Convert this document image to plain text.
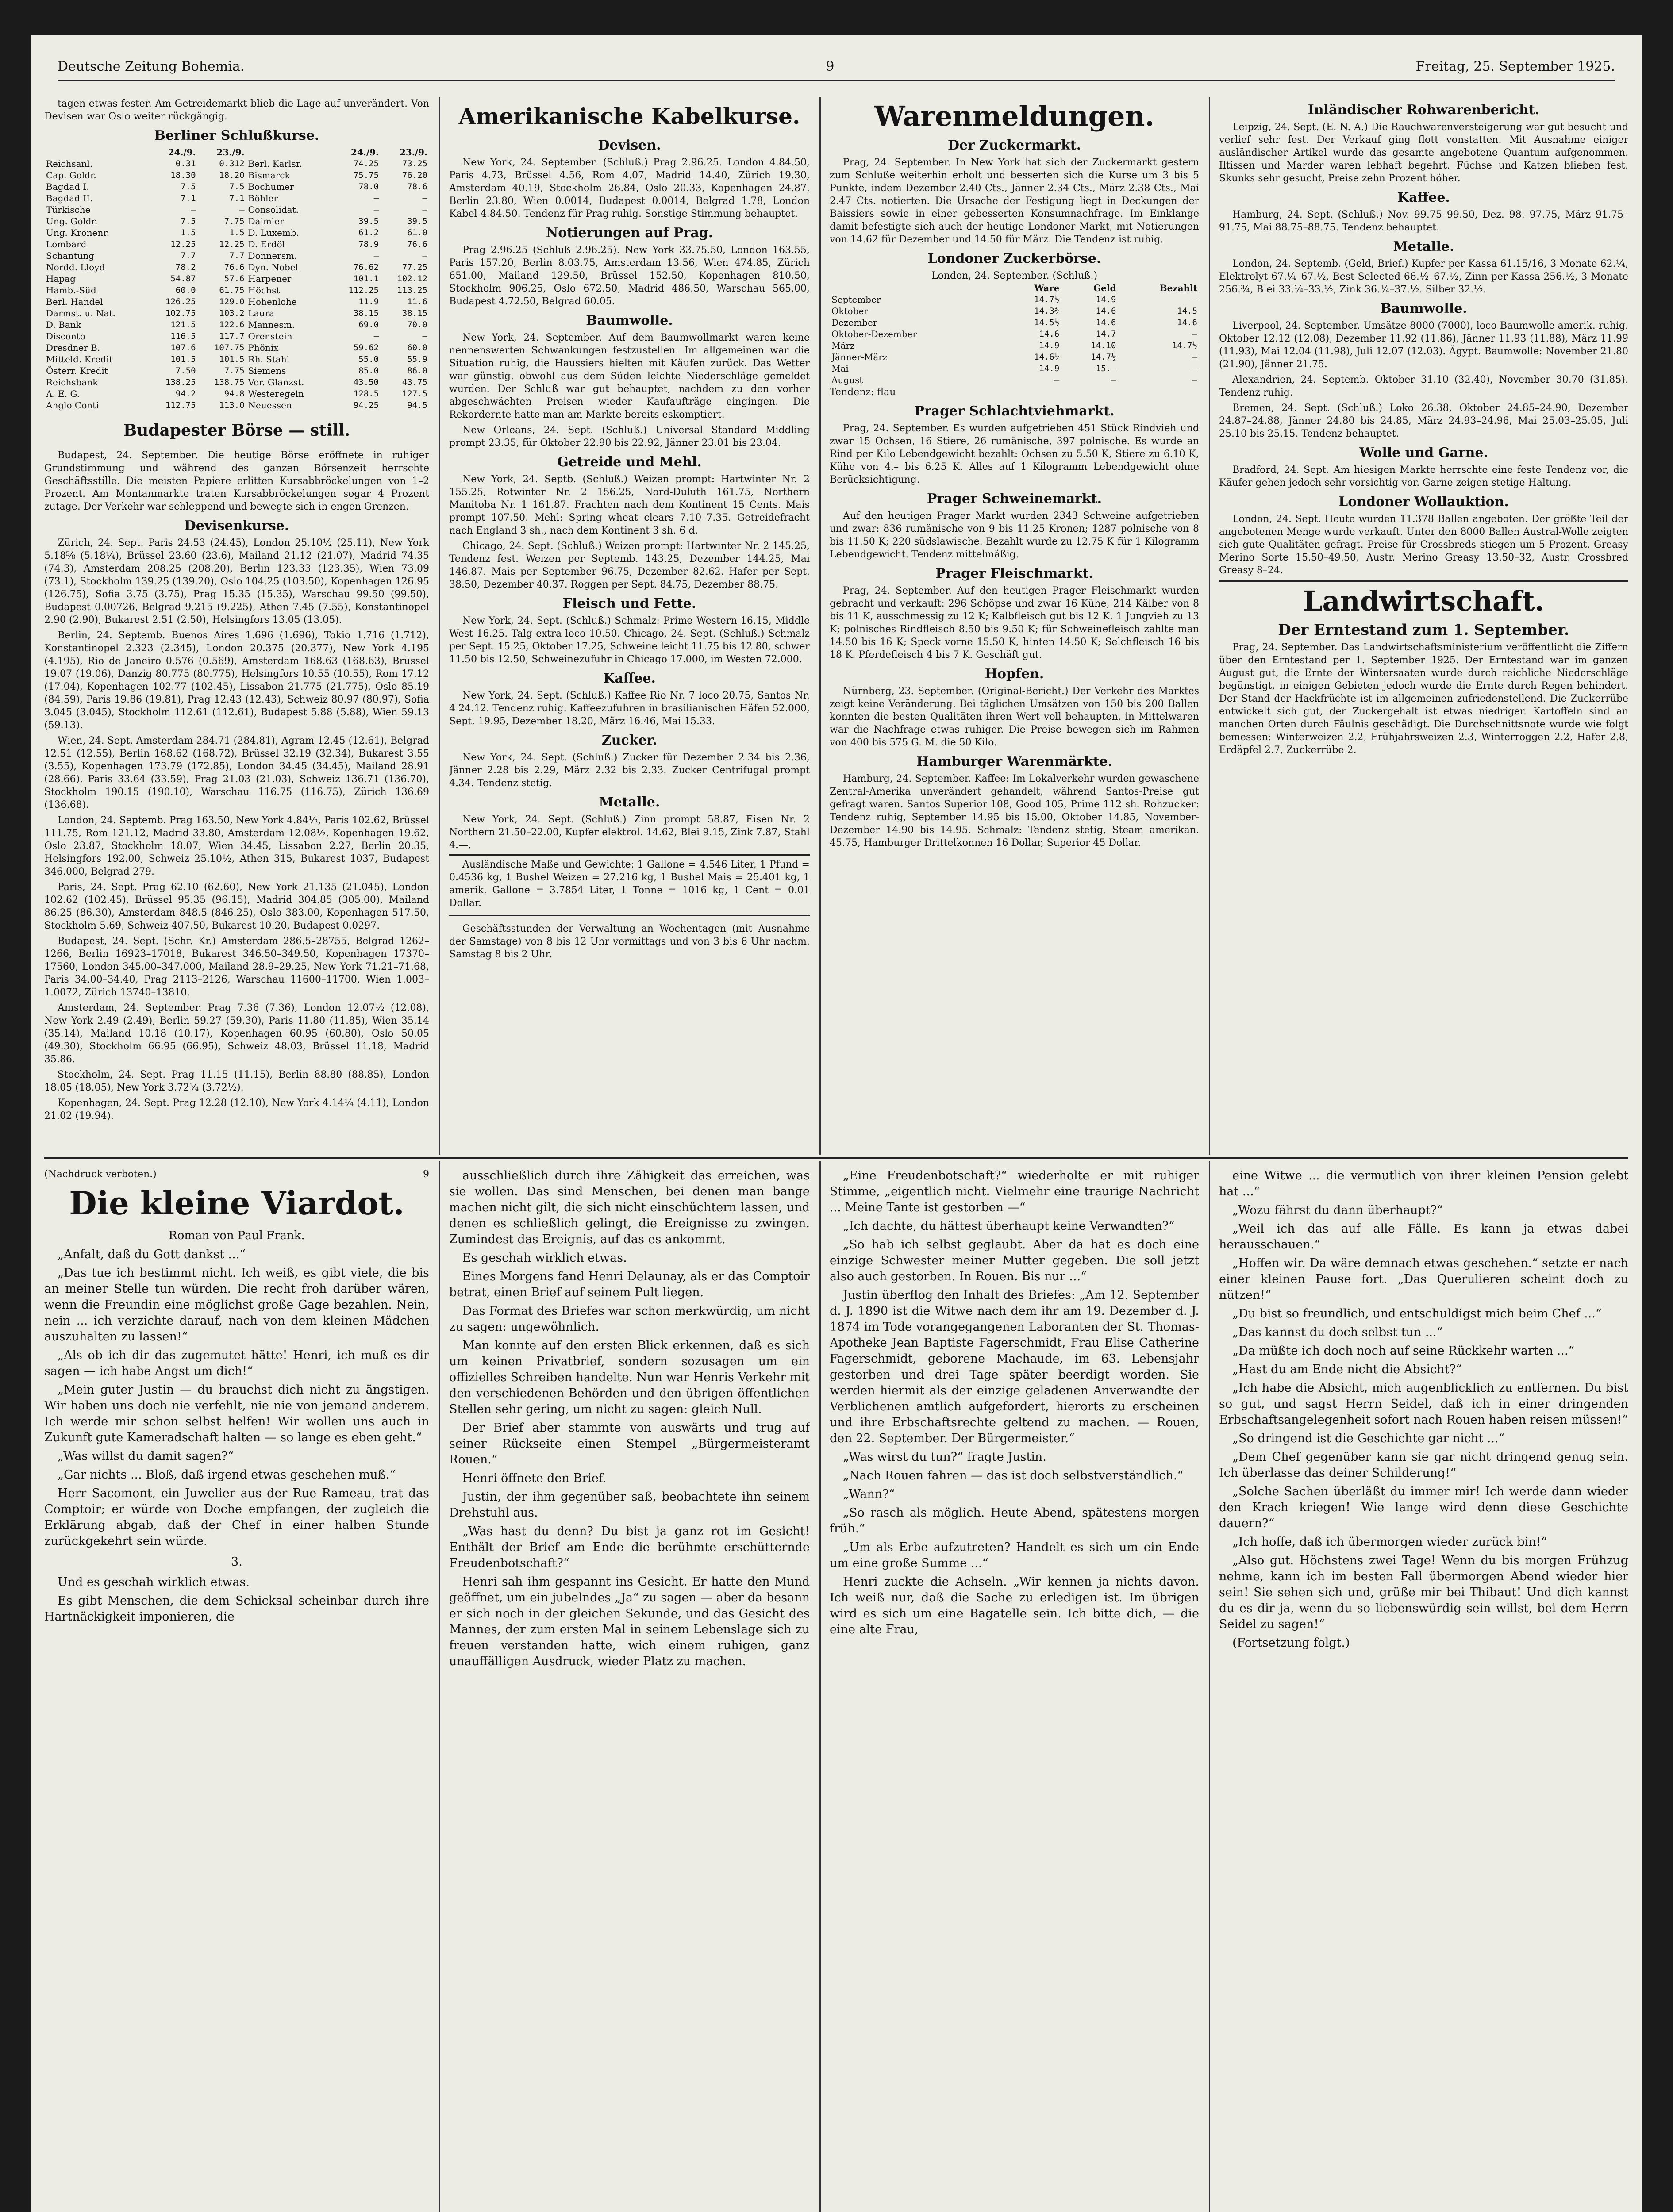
Deutsche Zeitung Bohemia.	9	Freitag, 25. September 1925.

tagen etwas fester. Am Getreidemarkt blieb die Lage auf unverändert. Von Devisen war Oslo weiter rückgängig.

Berliner Schlußkurse.
	24./9.	23./9.		24./9.	23./9.
Reichsanl.	0.31	0.312	Berl. Karlsr.	74.25	73.25
Cap. Goldr.	18.30	18.20	Bismarck	75.75	76.20
Bagdad I.	7.5	7.5	Bochumer	78.0	78.6
Bagdad II.	7.1	7.1	Böhler	—	—
Türkische	—	—	Consolidat.	—	—
Ung. Goldr.	7.5	7.75	Daimler	39.5	39.5
Ung. Kronenr.	1.5	1.5	D. Luxemb.	61.2	61.0
Lombard	12.25	12.25	D. Erdöl	78.9	76.6
Schantung	7.7	7.7	Donnersm.	—	—
Nordd. Lloyd	78.2	76.6	Dyn. Nobel	76.62	77.25
Hapag	54.87	57.6	Harpener	101.1	102.12
Hamb.-Süd	60.0	61.75	Höchst	112.25	113.25
Berl. Handel	126.25	129.0	Hohenlohe	11.9	11.6
Darmst. u. Nat.	102.75	103.2	Laura	38.15	38.15
D. Bank	121.5	122.6	Mannesm.	69.0	70.0
Disconto	116.5	117.7	Orenstein	—	—
Dresdner B.	107.6	107.75	Phönix	59.62	60.0
Mitteld. Kredit	101.5	101.5	Rh. Stahl	55.0	55.9
Österr. Kredit	7.50	7.75	Siemens	85.0	86.0
Reichsbank	138.25	138.75	Ver. Glanzst.	43.50	43.75
A. E. G.	94.2	94.8	Westeregeln	128.5	127.5
Anglo Conti	112.75	113.0	Neuessen	94.25	94.5
Budapester Börse — still.

Budapest, 24. September. Die heutige Börse eröffnete in ruhiger Grundstimmung und während des ganzen Börsenzeit herrschte Geschäftsstille. Die meisten Papiere erlitten Kursabbröckelungen von 1–2 Prozent. Am Montanmarkte traten Kursabbröckelungen sogar 4 Prozent zutage. Der Verkehr war schleppend und bewegte sich in engen Grenzen.

Devisenkurse.

Zürich, 24. Sept. Paris 24.53 (24.45), London 25.10½ (25.11), New York 5.18⅝ (5.18¼), Brüssel 23.60 (23.6), Mailand 21.12 (21.07), Madrid 74.35 (74.3), Amsterdam 208.25 (208.20), Berlin 123.33 (123.35), Wien 73.09 (73.1), Stockholm 139.25 (139.20), Oslo 104.25 (103.50), Kopenhagen 126.95 (126.75), Sofia 3.75 (3.75), Prag 15.35 (15.35), Warschau 99.50 (99.50), Budapest 0.00726, Belgrad 9.215 (9.225), Athen 7.45 (7.55), Konstantinopel 2.90 (2.90), Bukarest 2.51 (2.50), Helsingfors 13.05 (13.05).

Berlin, 24. Septemb. Buenos Aires 1.696 (1.696), Tokio 1.716 (1.712), Konstantinopel 2.323 (2.345), London 20.375 (20.377), New York 4.195 (4.195), Rio de Janeiro 0.576 (0.569), Amsterdam 168.63 (168.63), Brüssel 19.07 (19.06), Danzig 80.775 (80.775), Helsingfors 10.55 (10.55), Rom 17.12 (17.04), Kopenhagen 102.77 (102.45), Lissabon 21.775 (21.775), Oslo 85.19 (84.59), Paris 19.86 (19.81), Prag 12.43 (12.43), Schweiz 80.97 (80.97), Sofia 3.045 (3.045), Stockholm 112.61 (112.61), Budapest 5.88 (5.88), Wien 59.13 (59.13).

Wien, 24. Sept. Amsterdam 284.71 (284.81), Agram 12.45 (12.61), Belgrad 12.51 (12.55), Berlin 168.62 (168.72), Brüssel 32.19 (32.34), Bukarest 3.55 (3.55), Kopenhagen 173.79 (172.85), London 34.45 (34.45), Mailand 28.91 (28.66), Paris 33.64 (33.59), Prag 21.03 (21.03), Schweiz 136.71 (136.70), Stockholm 190.15 (190.10), Warschau 116.75 (116.75), Zürich 136.69 (136.68).

London, 24. Septemb. Prag 163.50, New York 4.84½, Paris 102.62, Brüssel 111.75, Rom 121.12, Madrid 33.80, Amsterdam 12.08½, Kopenhagen 19.62, Oslo 23.87, Stockholm 18.07, Wien 34.45, Lissabon 2.27, Berlin 20.35, Helsingfors 192.00, Schweiz 25.10½, Athen 315, Bukarest 1037, Budapest 346.000, Belgrad 279.

Paris, 24. Sept. Prag 62.10 (62.60), New York 21.135 (21.045), London 102.62 (102.45), Brüssel 95.35 (96.15), Madrid 304.85 (305.00), Mailand 86.25 (86.30), Amsterdam 848.5 (846.25), Oslo 383.00, Kopenhagen 517.50, Stockholm 5.69, Schweiz 407.50, Bukarest 10.20, Budapest 0.0297.

Budapest, 24. Sept. (Schr. Kr.) Amsterdam 286.5–28755, Belgrad 1262–1266, Berlin 16923–17018, Bukarest 346.50–349.50, Kopenhagen 17370–17560, London 345.00–347.000, Mailand 28.9–29.25, New York 71.21–71.68, Paris 34.00–34.40, Prag 2113–2126, Warschau 11600–11700, Wien 1.003–1.0072, Zürich 13740–13810.

Amsterdam, 24. September. Prag 7.36 (7.36), London 12.07½ (12.08), New York 2.49 (2.49), Berlin 59.27 (59.30), Paris 11.80 (11.85), Wien 35.14 (35.14), Mailand 10.18 (10.17), Kopenhagen 60.95 (60.80), Oslo 50.05 (49.30), Stockholm 66.95 (66.95), Schweiz 48.03, Brüssel 11.18, Madrid 35.86.

Stockholm, 24. Sept. Prag 11.15 (11.15), Berlin 88.80 (88.85), London 18.05 (18.05), New York 3.72¾ (3.72½).

Kopenhagen, 24. Sept. Prag 12.28 (12.10), New York 4.14¼ (4.11), London 21.02 (19.94).

Amerikanische Kabelkurse.
Devisen.

New York, 24. September. (Schluß.) Prag 2.96.25. London 4.84.50, Paris 4.73, Brüssel 4.56, Rom 4.07, Madrid 14.40, Zürich 19.30, Amsterdam 40.19, Stockholm 26.84, Oslo 20.33, Kopenhagen 24.87, Berlin 23.80, Wien 0.0014, Budapest 0.0014, Belgrad 1.78, London Kabel 4.84.50. Tendenz für Prag ruhig. Sonstige Stimmung behauptet.

Notierungen auf Prag.

Prag 2.96.25 (Schluß 2.96.25). New York 33.75.50, London 163.55, Paris 157.20, Berlin 8.03.75, Amsterdam 13.56, Wien 474.85, Zürich 651.00, Mailand 129.50, Brüssel 152.50, Kopenhagen 810.50, Stockholm 906.25, Oslo 672.50, Madrid 486.50, Warschau 565.00, Budapest 4.72.50, Belgrad 60.05.

Baumwolle.

New York, 24. September. Auf dem Baumwollmarkt waren keine nennenswerten Schwankungen festzustellen. Im allgemeinen war die Situation ruhig, die Haussiers hielten mit Käufen zurück. Das Wetter war günstig, obwohl aus dem Süden leichte Niederschläge gemeldet wurden. Der Schluß war gut behauptet, nachdem zu den vorher abgeschwächten Preisen wieder Kaufaufträge eingingen. Die Rekordernte hatte man am Markte bereits eskomptiert.

New Orleans, 24. Sept. (Schluß.) Universal Standard Middling prompt 23.35, für Oktober 22.90 bis 22.92, Jänner 23.01 bis 23.04.

Getreide und Mehl.

New York, 24. Septb. (Schluß.) Weizen prompt: Hartwinter Nr. 2 155.25, Rotwinter Nr. 2 156.25, Nord-Duluth 161.75, Northern Manitoba Nr. 1 161.87. Frachten nach dem Kontinent 15 Cents. Mais prompt 107.50. Mehl: Spring wheat clears 7.10–7.35. Getreidefracht nach England 3 sh., nach dem Kontinent 3 sh. 6 d.

Chicago, 24. Sept. (Schluß.) Weizen prompt: Hartwinter Nr. 2 145.25, Tendenz fest. Weizen per Septemb. 143.25, Dezember 144.25, Mai 146.87. Mais per September 96.75, Dezember 82.62. Hafer per Sept. 38.50, Dezember 40.37. Roggen per Sept. 84.75, Dezember 88.75.

Fleisch und Fette.

New York, 24. Sept. (Schluß.) Schmalz: Prime Western 16.15, Middle West 16.25. Talg extra loco 10.50. Chicago, 24. Sept. (Schluß.) Schmalz per Sept. 15.25, Oktober 17.25, Schweine leicht 11.75 bis 12.80, schwer 11.50 bis 12.50, Schweinezufuhr in Chicago 17.000, im Westen 72.000.

Kaffee.

New York, 24. Sept. (Schluß.) Kaffee Rio Nr. 7 loco 20.75, Santos Nr. 4 24.12. Tendenz ruhig. Kaffeezufuhren in brasilianischen Häfen 52.000, Sept. 19.95, Dezember 18.20, März 16.46, Mai 15.33.

Zucker.

New York, 24. Sept. (Schluß.) Zucker für Dezember 2.34 bis 2.36, Jänner 2.28 bis 2.29, März 2.32 bis 2.33. Zucker Centrifugal prompt 4.34. Tendenz stetig.

Metalle.

New York, 24. Sept. (Schluß.) Zinn prompt 58.87, Eisen Nr. 2 Northern 21.50–22.00, Kupfer elektrol. 14.62, Blei 9.15, Zink 7.87, Stahl 4.—.

Ausländische Maße und Gewichte: 1 Gallone = 4.546 Liter, 1 Pfund = 0.4536 kg, 1 Bushel Weizen = 27.216 kg, 1 Bushel Mais = 25.401 kg, 1 amerik. Gallone = 3.7854 Liter, 1 Tonne = 1016 kg, 1 Cent = 0.01 Dollar.

Geschäftsstunden der Verwaltung an Wochentagen (mit Ausnahme der Samstage) von 8 bis 12 Uhr vormittags und von 3 bis 6 Uhr nachm. Samstag 8 bis 2 Uhr.

Warenmeldungen.
Der Zuckermarkt.

Prag, 24. September. In New York hat sich der Zuckermarkt gestern zum Schluße weiterhin erholt und besserten sich die Kurse um 3 bis 5 Punkte, indem Dezember 2.40 Cts., Jänner 2.34 Cts., März 2.38 Cts., Mai 2.47 Cts. notierten. Die Ursache der Festigung liegt in Deckungen der Baissiers sowie in einer gebesserten Konsumnachfrage. Im Einklange damit befestigte sich auch der heutige Londoner Markt, mit Notierungen von 14.62 für Dezember und 14.50 für März. Die Tendenz ist ruhig.

Londoner Zuckerbörse.
London, 24. September. (Schluß.)
	Ware	Geld	Bezahlt
September	14.7½	14.9	—
Oktober	14.3¾	14.6	14.5
Dezember	14.5½	14.6	14.6
Oktober-Dezember	14.6	14.7	—
März	14.9	14.10	14.7½
Jänner-März	14.6¼	14.7½	—
Mai	14.9	15.—	—
August	—	—	—
Tendenz: flau
Prager Schlachtviehmarkt.

Prag, 24. September. Es wurden aufgetrieben 451 Stück Rindvieh und zwar 15 Ochsen, 16 Stiere, 26 rumänische, 397 polnische. Es wurde an Rind per Kilo Lebendgewicht bezahlt: Ochsen zu 5.50 K, Stiere zu 6.10 K, Kühe von 4.– bis 6.25 K. Alles auf 1 Kilogramm Lebendgewicht ohne Berücksichtigung.

Prager Schweinemarkt.

Auf den heutigen Prager Markt wurden 2343 Schweine aufgetrieben und zwar: 836 rumänische von 9 bis 11.25 Kronen; 1287 polnische von 8 bis 11.50 K; 220 südslawische. Bezahlt wurde zu 12.75 K für 1 Kilogramm Lebendgewicht. Tendenz mittelmäßig.

Prager Fleischmarkt.

Prag, 24. September. Auf den heutigen Prager Fleischmarkt wurden gebracht und verkauft: 296 Schöpse und zwar 16 Kühe, 214 Kälber von 8 bis 11 K, ausschmessig zu 12 K; Kalbfleisch gut bis 12 K. 1 Jungvieh zu 13 K; polnisches Rindfleisch 8.50 bis 9.50 K; für Schweinefleisch zahlte man 14.50 bis 16 K; Speck vorne 15.50 K, hinten 14.50 K; Selchfleisch 16 bis 18 K. Pferdefleisch 4 bis 7 K. Geschäft gut.

Hopfen.

Nürnberg, 23. September. (Original-Bericht.) Der Verkehr des Marktes zeigt keine Veränderung. Bei täglichen Umsätzen von 150 bis 200 Ballen konnten die besten Qualitäten ihren Wert voll behaupten, in Mittelwaren war die Nachfrage etwas ruhiger. Die Preise bewegen sich im Rahmen von 400 bis 575 G. M. die 50 Kilo.

Hamburger Warenmärkte.

Hamburg, 24. September. Kaffee: Im Lokalverkehr wurden gewaschene Zentral-Amerika unverändert gehandelt, während Santos-Preise gut gefragt waren. Santos Superior 108, Good 105, Prime 112 sh. Rohzucker: Tendenz ruhig, September 14.95 bis 15.00, Oktober 14.85, November-Dezember 14.90 bis 14.95. Schmalz: Tendenz stetig, Steam amerikan. 45.75, Hamburger Drittelkonnen 16 Dollar, Superior 45 Dollar.

Inländischer Rohwarenbericht.

Leipzig, 24. Sept. (E. N. A.) Die Rauchwarenversteigerung war gut besucht und verlief sehr fest. Der Verkauf ging flott vonstatten. Mit Ausnahme einiger ausländischer Artikel wurde das gesamte angebotene Quantum aufgenommen. Iltissen und Marder waren lebhaft begehrt. Füchse und Katzen blieben fest. Skunks sehr gesucht, Preise zehn Prozent höher.

Kaffee.

Hamburg, 24. Sept. (Schluß.) Nov. 99.75–99.50, Dez. 98.–97.75, März 91.75–91.75, Mai 88.75–88.75. Tendenz behauptet.

Metalle.

London, 24. Septemb. (Geld, Brief.) Kupfer per Kassa 61.15/16, 3 Monate 62.¼, Elektrolyt 67.¼–67.½, Best Selected 66.½–67.½, Zinn per Kassa 256.½, 3 Monate 256.¾, Blei 33.¼–33.½, Zink 36.¾–37.½. Silber 32.½.

Baumwolle.

Liverpool, 24. September. Umsätze 8000 (7000), loco Baumwolle amerik. ruhig. Oktober 12.12 (12.08), Dezember 11.92 (11.86), Jänner 11.93 (11.88), März 11.99 (11.93), Mai 12.04 (11.98), Juli 12.07 (12.03). Ägypt. Baumwolle: November 21.80 (21.90), Jänner 21.75.

Alexandrien, 24. Septemb. Oktober 31.10 (32.40), November 30.70 (31.85). Tendenz ruhig.

Bremen, 24. Sept. (Schluß.) Loko 26.38, Oktober 24.85–24.90, Dezember 24.87–24.88, Jänner 24.80 bis 24.85, März 24.93–24.96, Mai 25.03–25.05, Juli 25.10 bis 25.15. Tendenz behauptet.

Wolle und Garne.

Bradford, 24. Sept. Am hiesigen Markte herrschte eine feste Tendenz vor, die Käufer gehen jedoch sehr vorsichtig vor. Garne zeigen stetige Haltung.

Londoner Wollauktion.

London, 24. Sept. Heute wurden 11.378 Ballen angeboten. Der größte Teil der angebotenen Menge wurde verkauft. Unter den 8000 Ballen Austral-Wolle zeigten sich gute Qualitäten gefragt. Preise für Crossbreds stiegen um 5 Prozent. Greasy Merino Sorte 15.50–49.50, Austr. Merino Greasy 13.50–32, Austr. Crossbred Greasy 8–24.

Landwirtschaft.
Der Erntestand zum 1. September.

Prag, 24. September. Das Landwirtschaftsministerium veröffentlicht die Ziffern über den Erntestand per 1. September 1925. Der Erntestand war im ganzen August gut, die Ernte der Wintersaaten wurde durch reichliche Niederschläge begünstigt, in einigen Gebieten jedoch wurde die Ernte durch Regen behindert. Der Stand der Hackfrüchte ist im allgemeinen zufriedenstellend. Die Zuckerrübe entwickelt sich gut, der Zuckergehalt ist etwas niedriger. Kartoffeln sind an manchen Orten durch Fäulnis geschädigt. Die Durchschnittsnote wurde wie folgt bemessen: Winterweizen 2.2, Frühjahrsweizen 2.3, Winterroggen 2.2, Hafer 2.8, Erdäpfel 2.7, Zuckerrübe 2.

(Nachdruck verboten.)	9
Die kleine Viardot.
Roman von Paul Frank.

„Anfalt, daß du Gott dankst ...“

„Das tue ich bestimmt nicht. Ich weiß, es gibt viele, die bis an meiner Stelle tun würden. Die recht froh darüber wären, wenn die Freundin eine möglichst große Gage bezahlen. Nein, nein ... ich verzichte darauf, nach von dem kleinen Mädchen auszuhalten zu lassen!“

„Als ob ich dir das zugemutet hätte! Henri, ich muß es dir sagen — ich habe Angst um dich!“

„Mein guter Justin — du brauchst dich nicht zu ängstigen. Wir haben uns doch nie verfehlt, nie nie von jemand anderem. Ich werde mir schon selbst helfen! Wir wollen uns auch in Zukunft gute Kameradschaft halten — so lange es eben geht.“

„Was willst du damit sagen?“

„Gar nichts ... Bloß, daß irgend etwas geschehen muß.“

Herr Sacomont, ein Juwelier aus der Rue Rameau, trat das Comptoir; er würde von Doche empfangen, der zugleich die Erklärung abgab, daß der Chef in einer halben Stunde zurückgekehrt sein würde.

3.

Und es geschah wirklich etwas.

Es gibt Menschen, die dem Schicksal scheinbar durch ihre Hartnäckigkeit imponieren, die

ausschließlich durch ihre Zähigkeit das erreichen, was sie wollen. Das sind Menschen, bei denen man bange machen nicht gilt, die sich nicht einschüchtern lassen, und denen es schließlich gelingt, die Ereignisse zu zwingen. Zumindest das Ereignis, auf das es ankommt.

Es geschah wirklich etwas.

Eines Morgens fand Henri Delaunay, als er das Comptoir betrat, einen Brief auf seinem Pult liegen.

Das Format des Briefes war schon merkwürdig, um nicht zu sagen: ungewöhnlich.

Man konnte auf den ersten Blick erkennen, daß es sich um keinen Privatbrief, sondern sozusagen um ein offizielles Schreiben handelte. Nun war Henris Verkehr mit den verschiedenen Behörden und den übrigen öffentlichen Stellen sehr gering, um nicht zu sagen: gleich Null.

Der Brief aber stammte von auswärts und trug auf seiner Rückseite einen Stempel „Bürgermeisteramt Rouen.“

Henri öffnete den Brief.

Justin, der ihm gegenüber saß, beobachtete ihn seinem Drehstuhl aus.

„Was hast du denn? Du bist ja ganz rot im Gesicht! Enthält der Brief am Ende die berühmte erschütternde Freudenbotschaft?“

Henri sah ihm gespannt ins Gesicht. Er hatte den Mund geöffnet, um ein jubelndes „Ja“ zu sagen — aber da besann er sich noch in der gleichen Sekunde, und das Gesicht des Mannes, der zum ersten Mal in seinem Lebenslage sich zu freuen verstanden hatte, wich einem ruhigen, ganz unauffälligen Ausdruck, wieder Platz zu machen.

„Eine Freudenbotschaft?“ wiederholte er mit ruhiger Stimme, „eigentlich nicht. Vielmehr eine traurige Nachricht ... Meine Tante ist gestorben —“

„Ich dachte, du hättest überhaupt keine Verwandten?“

„So hab ich selbst geglaubt. Aber da hat es doch eine einzige Schwester meiner Mutter gegeben. Die soll jetzt also auch gestorben. In Rouen. Bis nur ...“

Justin überflog den Inhalt des Briefes: „Am 12. September d. J. 1890 ist die Witwe nach dem ihr am 19. Dezember d. J. 1874 im Tode vorangegangenen Laboranten der St. Thomas-Apotheke Jean Baptiste Fagerschmidt, Frau Elise Catherine Fagerschmidt, geborene Machaude, im 63. Lebensjahr gestorben und drei Tage später beerdigt worden. Sie werden hiermit als der einzige geladenen Anverwandte der Verblichenen amtlich aufgefordert, hierorts zu erscheinen und ihre Erbschaftsrechte geltend zu machen. — Rouen, den 22. September. Der Bürgermeister.“

„Was wirst du tun?“ fragte Justin.

„Nach Rouen fahren — das ist doch selbstverständlich.“

„Wann?“

„So rasch als möglich. Heute Abend, spätestens morgen früh.“

„Um als Erbe aufzutreten? Handelt es sich um ein Ende um eine große Summe ...“

Henri zuckte die Achseln. „Wir kennen ja nichts davon. Ich weiß nur, daß die Sache zu erledigen ist. Im übrigen wird es sich um eine Bagatelle sein. Ich bitte dich, — die eine alte Frau,

eine Witwe ... die vermutlich von ihrer kleinen Pension gelebt hat ...“

„Wozu fährst du dann überhaupt?“

„Weil ich das auf alle Fälle. Es kann ja etwas dabei herausschauen.“

„Hoffen wir. Da wäre demnach etwas geschehen.“ setzte er nach einer kleinen Pause fort. „Das Querulieren scheint doch zu nützen!“

„Du bist so freundlich, und entschuldigst mich beim Chef ...“

„Das kannst du doch selbst tun ...“

„Da müßte ich doch noch auf seine Rückkehr warten ...“

„Hast du am Ende nicht die Absicht?“

„Ich habe die Absicht, mich augenblicklich zu entfernen. Du bist so gut, und sagst Herrn Seidel, daß ich in einer dringenden Erbschaftsangelegenheit sofort nach Rouen haben reisen müssen!“

„So dringend ist die Geschichte gar nicht ...“

„Dem Chef gegenüber kann sie gar nicht dringend genug sein. Ich überlasse das deiner Schilderung!“

„Solche Sachen überläßt du immer mir! Ich werde dann wieder den Krach kriegen! Wie lange wird denn diese Geschichte dauern?“

„Ich hoffe, daß ich übermorgen wieder zurück bin!“

„Also gut. Höchstens zwei Tage! Wenn du bis morgen Frühzug nehme, kann ich im besten Fall übermorgen Abend wieder hier sein! Sie sehen sich und, grüße mir bei Thibaut! Und dich kannst du es dir ja, wenn du so liebenswürdig sein willst, bei dem Herrn Seidel zu sagen!“

(Fortsetzung folgt.)
